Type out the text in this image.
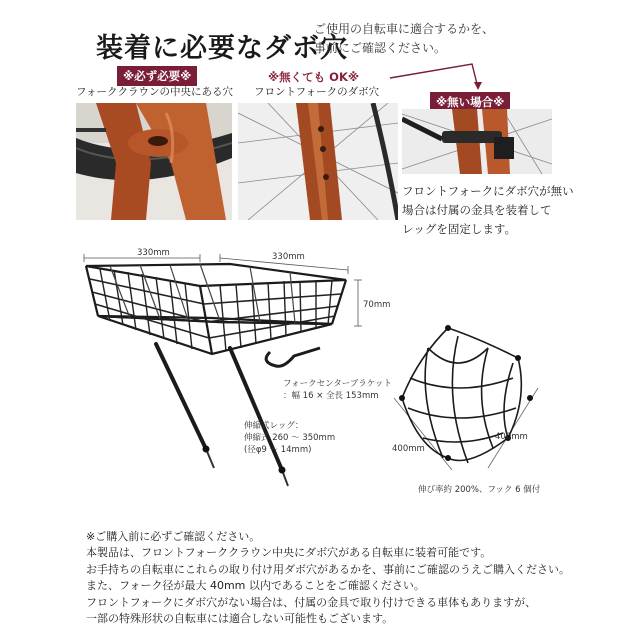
装着に必要なダボ穴
ご使用の自転車に適合するかを、
事前にご確認ください。
※必ず必要※
フォーククラウンの中央にある穴
※無くても OK※
フロントフォークのダボ穴
※無い場合※
フロントフォークにダボ穴が無い
場合は付属の金具を装着して
レッグを固定します。
330mm	330mm
70mm
フォークセンターブラケット
：幅 16 × 全長 153mm
伸縮式レッグ：
伸縮式 260 ～ 350mm
(径φ9 ～ 14mm)	400mm
400mm
伸び率約 200%、フック 6 個付
※ご購入前に必ずご確認ください。
本製品は、フロントフォーククラウン中央にダボ穴がある自転車に装着可能です。
お手持ちの自転車にこれらの取り付け用ダボ穴があるかを、事前にご確認のうえご購入ください。
また、フォーク径が最大 40mm 以内であることをご確認ください。
フロントフォークにダボ穴がない場合は、付属の金具で取り付けできる車体もありますが、
一部の特殊形状の自転車には適合しない可能性もございます。
